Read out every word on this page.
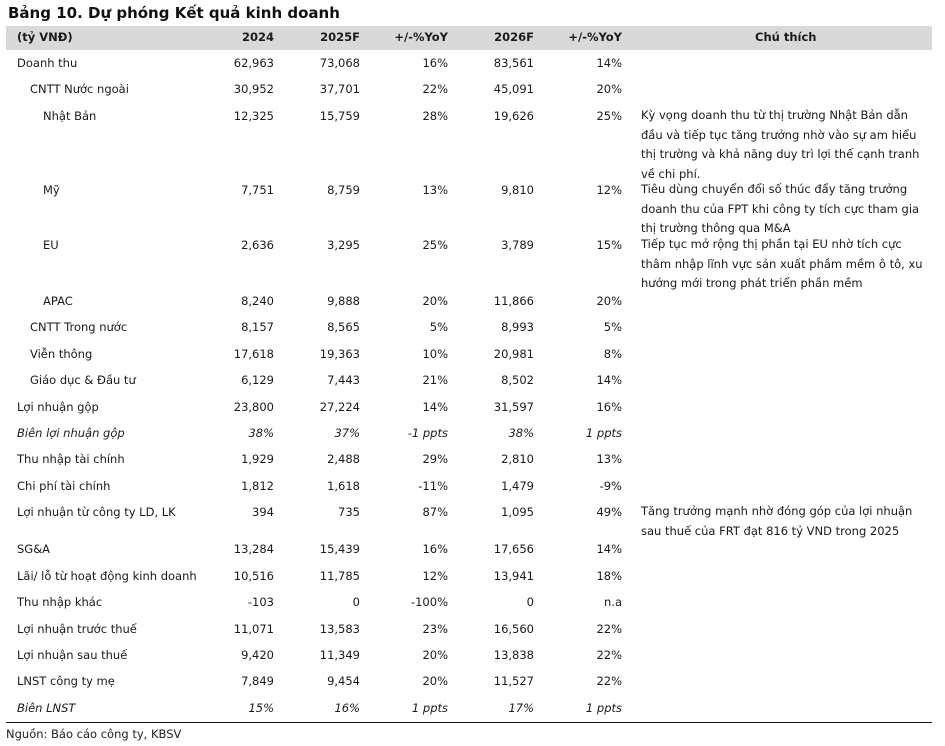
Bảng 10. Dự phóng Kết quả kinh doanh
(tỷ VNĐ)	2024	2025F	+/-%YoY	2026F	+/-%YoY	Chú thích
Doanh thu	62,963	73,068	16%	83,561	14%
CNTT Nước ngoài	30,952	37,701	22%	45,091	20%
Nhật Bản	12,325	15,759	28%	19,626	25% Kỳ vọng doanh thu từ thị trường Nhật Bản dẫn đầu và tiếp tục tăng trưởng nhờ vào sự am hiểu thị trường và khả năng duy trì lợi thế cạnh tranh về chi phí.
Mỹ	7,751	8,759	13%	9,810	12% Tiêu dùng chuyển đổi số thúc đẩy tăng trưởng doanh thu của FPT khi công ty tích cực tham gia thị trường thông qua M&A
EU	2,636	3,295	25%	3,789	15% Tiếp tục mở rộng thị phần tại EU nhờ tích cực thâm nhập lĩnh vực sản xuất phầm mềm ô tô, xu hướng mới trong phát triển phần mềm
APAC	8,240	9,888	20%	11,866	20%
CNTT Trong nước	8,157	8,565	5%	8,993	5%
Viễn thông	17,618	19,363	10%	20,981	8%
Giáo dục & Đầu tư	6,129	7,443	21%	8,502	14%
Lợi nhuận gộp	23,800	27,224	14%	31,597	16%
Biên lợi nhuận gộp	38%	37%	-1 ppts	38%	1 ppts
Thu nhập tài chính	1,929	2,488	29%	2,810	13%
Chi phí tài chính	1,812	1,618	-11%	1,479	-9%
Lợi nhuận từ công ty LD, LK	394	735	87%	1,095	49% Tăng trưởng mạnh nhờ đóng góp của lợi nhuận sau thuế của FRT đạt 816 tỷ VND trong 2025
SG&A	13,284	15,439	16%	17,656	14%
Lãi/ lỗ từ hoạt động kinh doanh	10,516	11,785	12%	13,941	18%
Thu nhập khác	-103	0	-100%	0	n.a
Lợi nhuận trước thuế	11,071	13,583	23%	16,560	22%
Lợi nhuận sau thuế	9,420	11,349	20%	13,838	22%
LNST công ty mẹ	7,849	9,454	20%	11,527	22%
Biên LNST	15%	16%	1 ppts	17%	1 ppts
Nguồn: Báo cáo công ty, KBSV
